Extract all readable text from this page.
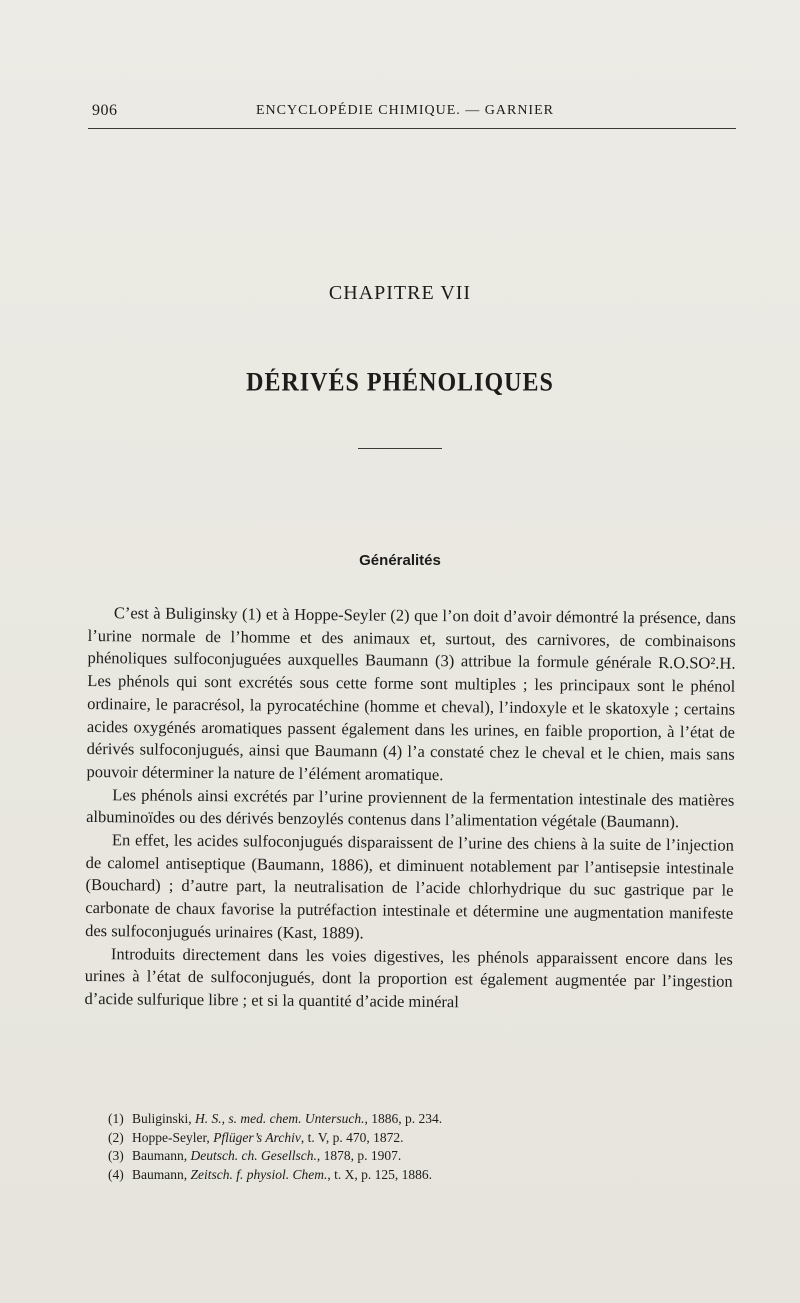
906	ENCYCLOPÉDIE CHIMIQUE. — GARNIER
CHAPITRE VII
DÉRIVÉS PHÉNOLIQUES
Généralités

C’est à Buliginsky (1) et à Hoppe-Seyler (2) que l’on doit d’avoir démontré la présence, dans l’urine normale de l’homme et des animaux et, surtout, des carnivores, de combinaisons phénoliques sulfoconjuguées auxquelles Baumann (3) attribue la formule générale R.O.SO².H. Les phénols qui sont excrétés sous cette forme sont multiples ; les principaux sont le phénol ordinaire, le paracrésol, la pyrocatéchine (homme et cheval), l’indoxyle et le skatoxyle ; certains acides oxygénés aromatiques passent également dans les urines, en faible proportion, à l’état de dérivés sulfoconjugués, ainsi que Baumann (4) l’a constaté chez le cheval et le chien, mais sans pouvoir déterminer la nature de l’élément aromatique.

Les phénols ainsi excrétés par l’urine proviennent de la fermentation intestinale des matières albuminoïdes ou des dérivés benzoylés contenus dans l’alimentation végétale (Baumann).

En effet, les acides sulfoconjugués disparaissent de l’urine des chiens à la suite de l’injection de calomel antiseptique (Baumann, 1886), et diminuent notablement par l’antisepsie intestinale (Bouchard) ; d’autre part, la neutralisation de l’acide chlorhydrique du suc gastrique par le carbonate de chaux favorise la putréfaction intestinale et détermine une augmentation manifeste des sulfoconjugués urinaires (Kast, 1889).

Introduits directement dans les voies digestives, les phénols apparaissent encore dans les urines à l’état de sulfoconjugués, dont la proportion est également augmentée par l’ingestion d’acide sulfurique libre ; et si la quantité d’acide minéral

(1) Buliginski, H. S., s. med. chem. Untersuch., 1886, p. 234.
(2) Hoppe-Seyler, Pflüger’s Archiv, t. V, p. 470, 1872.
(3) Baumann, Deutsch. ch. Gesellsch., 1878, p. 1907.
(4) Baumann, Zeitsch. f. physiol. Chem., t. X, p. 125, 1886.
